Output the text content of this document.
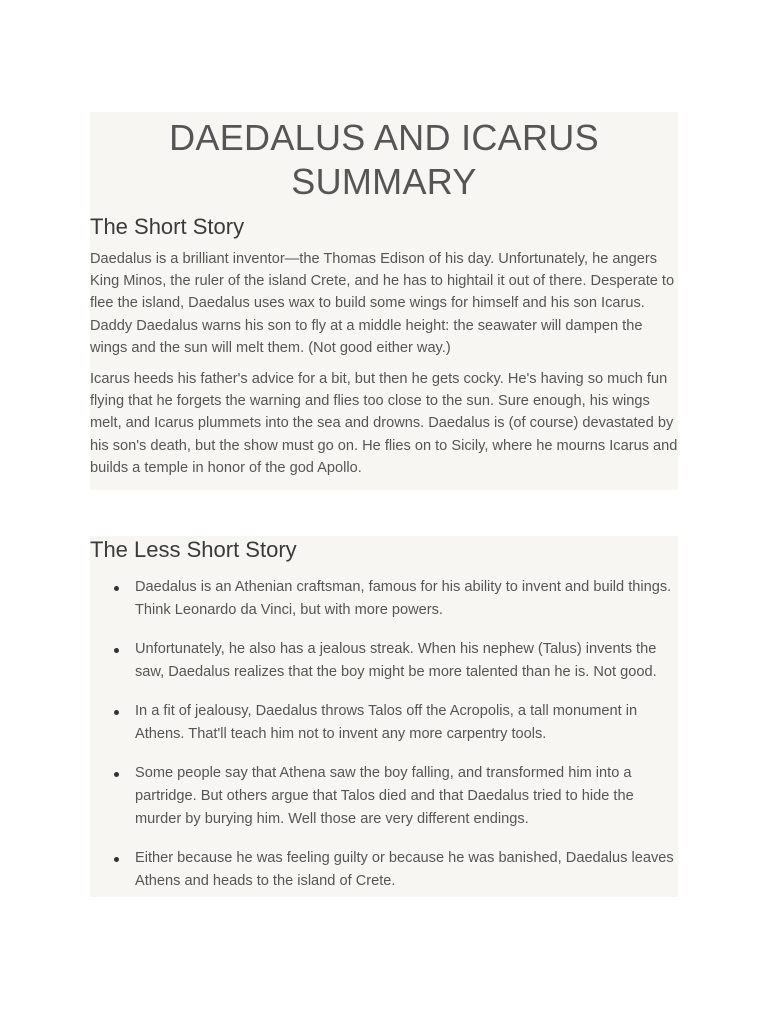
DAEDALUS AND ICARUS SUMMARY
The Short Story

Daedalus is a brilliant inventor—the Thomas Edison of his day. Unfortunately, he angers King Minos, the ruler of the island Crete, and he has to hightail it out of there. Desperate to flee the island, Daedalus uses wax to build some wings for himself and his son Icarus. Daddy Daedalus warns his son to fly at a middle height: the seawater will dampen the wings and the sun will melt them. (Not good either way.)

Icarus heeds his father's advice for a bit, but then he gets cocky. He's having so much fun flying that he forgets the warning and flies too close to the sun. Sure enough, his wings melt, and Icarus plummets into the sea and drowns. Daedalus is (of course) devastated by his son's death, but the show must go on. He flies on to Sicily, where he mourns Icarus and builds a temple in honor of the god Apollo.

The Less Short Story
Daedalus is an Athenian craftsman, famous for his ability to invent and build things. Think Leonardo da Vinci, but with more powers.
Unfortunately, he also has a jealous streak. When his nephew (Talus) invents the saw, Daedalus realizes that the boy might be more talented than he is. Not good.
In a fit of jealousy, Daedalus throws Talos off the Acropolis, a tall monument in Athens. That'll teach him not to invent any more carpentry tools.
Some people say that Athena saw the boy falling, and transformed him into a partridge. But others argue that Talos died and that Daedalus tried to hide the murder by burying him. Well those are very different endings.
Either because he was feeling guilty or because he was banished, Daedalus leaves Athens and heads to the island of Crete.
